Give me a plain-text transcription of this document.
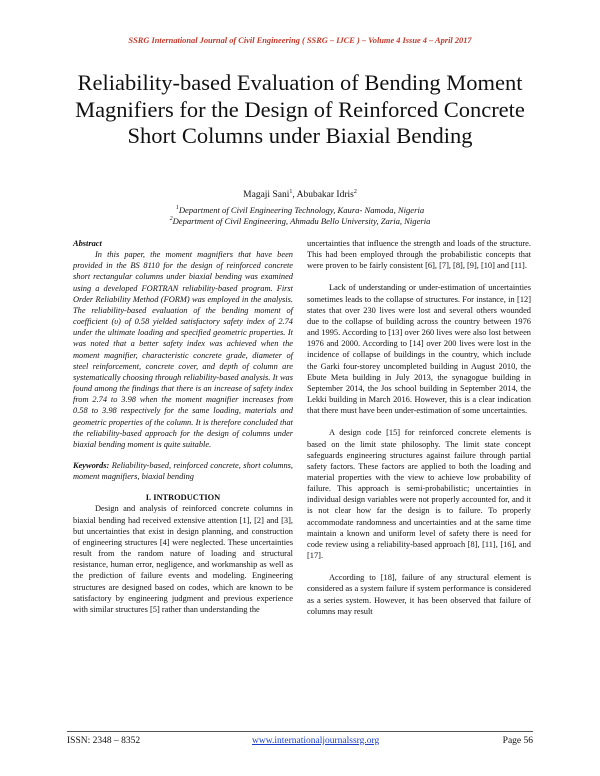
SSRG International Journal of Civil Engineering ( SSRG – IJCE ) – Volume 4 Issue 4 – April 2017
Reliability-based Evaluation of Bending Moment Magnifiers for the Design of Reinforced Concrete Short Columns under Biaxial Bending
Magaji Sani$^1$, Abubakar Idris$^2$
$^1$Department of Civil Engineering Technology, Kaura- Namoda, Nigeria
$^2$Department of Civil Engineering, Ahmadu Bello University, Zaria, Nigeria

Abstract

In this paper, the moment magnifiers that have been provided in the BS 8110 for the design of reinforced concrete short rectangular columns under biaxial bending was examined using a developed FORTRAN reliability-based program. First Order Reliability Method (FORM) was employed in the analysis. The reliability-based evaluation of the bending moment of coefficient (υ) of 0.58 yielded satisfactory safety index of 2.74 under the ultimate loading and specified geometric properties. It was noted that a better safety index was achieved when the moment magnifier, characteristic concrete grade, diameter of steel reinforcement, concrete cover, and depth of column are systematically choosing through reliability-based analysis. It was found among the findings that there is an increase of safety index from 2.74 to 3.98 when the moment magnifier increases from 0.58 to 3.98 respectively for the same loading, materials and geometric properties of the column. It is therefore concluded that the reliability-based approach for the design of columns under biaxial bending moment is quite suitable.

Keywords: Reliability-based, reinforced concrete, short columns, moment magnifiers, biaxial bending

I. INTRODUCTION

Design and analysis of reinforced concrete columns in biaxial bending had received extensive attention [1], [2] and [3], but uncertainties that exist in design planning, and construction of engineering structures [4] were neglected. These uncertainties result from the random nature of loading and structural resistance, human error, negligence, and workmanship as well as the prediction of failure events and modeling. Engineering structures are designed based on codes, which are known to be satisfactory by engineering judgment and previous experience with similar structures [5] rather than understanding the

uncertainties that influence the strength and loads of the structure. This had been employed through the probabilistic concepts that were proven to be fairly consistent [6], [7], [8], [9], [10] and [11].

Lack of understanding or under-estimation of uncertainties sometimes leads to the collapse of structures. For instance, in [12] states that over 230 lives were lost and several others wounded due to the collapse of building across the country between 1976 and 1995. According to [13] over 260 lives were also lost between 1976 and 2000. According to [14] over 200 lives were lost in the incidence of collapse of buildings in the country, which include the Garki four-storey uncompleted building in August 2010, the Ebute Meta building in July 2013, the synagogue building in September 2014, the Jos school building in September 2014, the Lekki building in March 2016. However, this is a clear indication that there must have been under-estimation of some uncertainties.

A design code [15] for reinforced concrete elements is based on the limit state philosophy. The limit state concept safeguards engineering structures against failure through partial safety factors. These factors are applied to both the loading and material properties with the view to achieve low probability of failure. This approach is semi-probabilistic; uncertainties in individual design variables were not properly accounted for, and it is not clear how far the design is to failure. To properly accommodate randomness and uncertainties and at the same time maintain a known and uniform level of safety there is need for code review using a reliability-based approach [8], [11], [16], and [17].

According to [18], failure of any structural element is considered as a system failure if system performance is considered as a series system. However, it has been observed that failure of columns may result

ISSN: 2348 – 8352	www.internationaljournalssrg.org	Page 56
